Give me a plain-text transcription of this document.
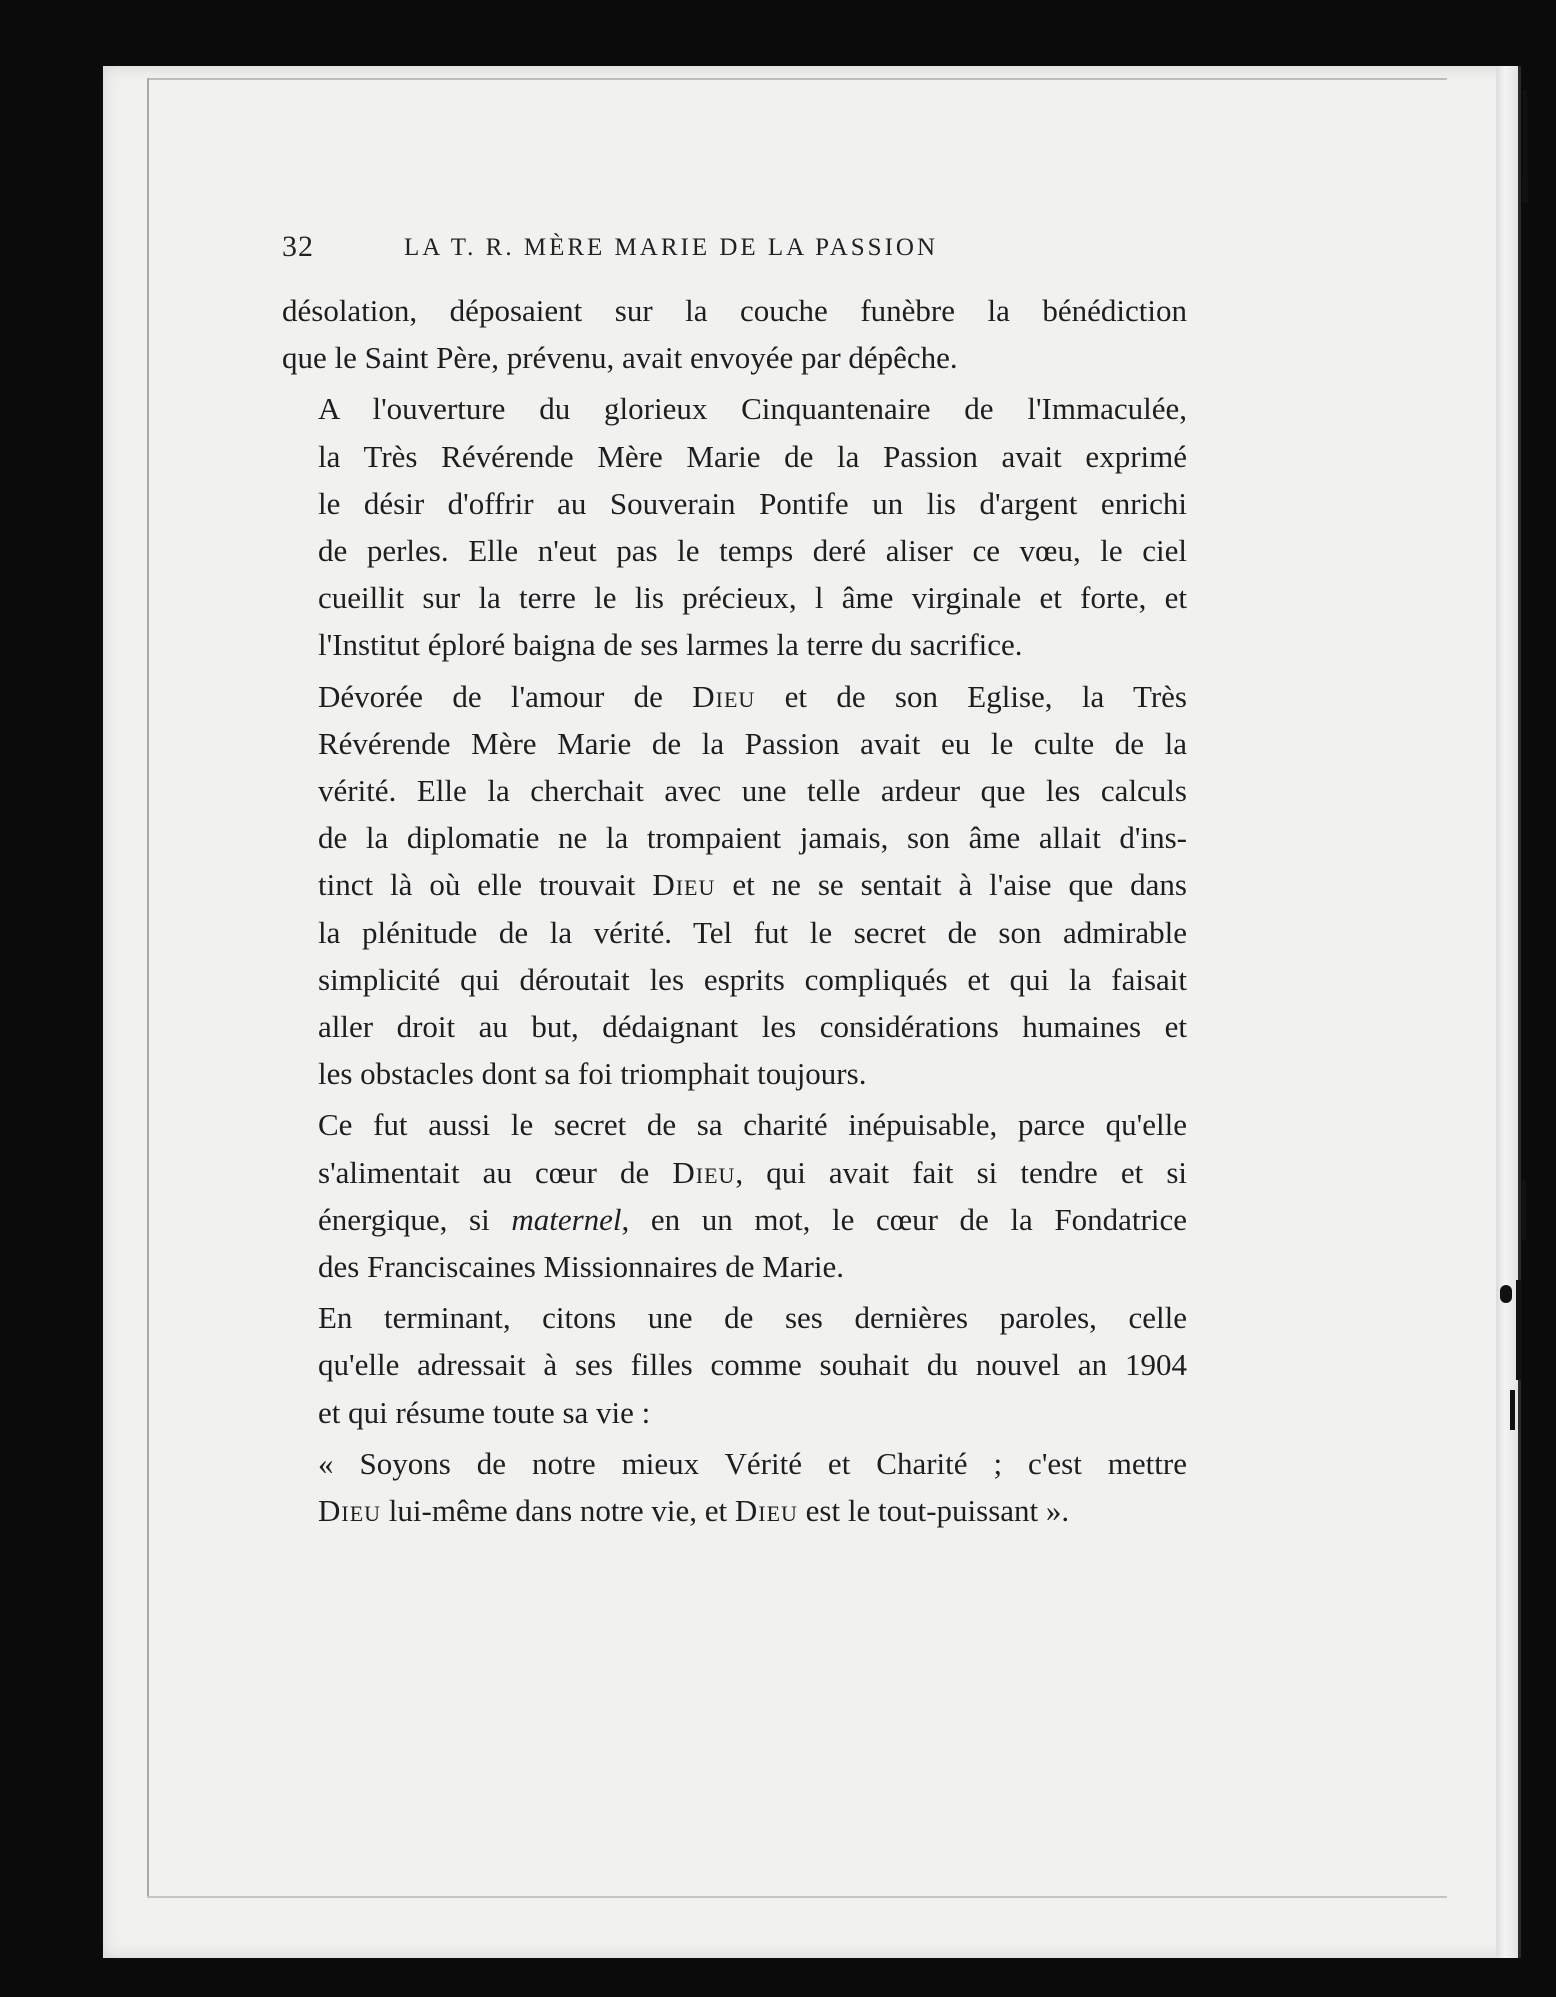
32	LA T. R. MÈRE MARIE DE LA PASSION

désolation, déposaient sur la couche funèbre la bénédiction
que le Saint Père, prévenu, avait envoyée par dépêche.

A l'ouverture du glorieux Cinquantenaire de l'Immaculée,
la Très Révérende Mère Marie de la Passion avait exprimé
le désir d'offrir au Souverain Pontife un lis d'argent enrichi
de perles. Elle n'eut pas le temps deré aliser ce vœu, le ciel
cueillit sur la terre le lis précieux, l âme virginale et forte, et
l'Institut éploré baigna de ses larmes la terre du sacrifice.

Dévorée de l'amour de Dieu et de son Eglise, la Très
Révérende Mère Marie de la Passion avait eu le culte de la
vérité. Elle la cherchait avec une telle ardeur que les calculs
de la diplomatie ne la trompaient jamais, son âme allait d'ins-
tinct là où elle trouvait Dieu et ne se sentait à l'aise que dans
la plénitude de la vérité. Tel fut le secret de son admirable
simplicité qui déroutait les esprits compliqués et qui la faisait
aller droit au but, dédaignant les considérations humaines et
les obstacles dont sa foi triomphait toujours.

Ce fut aussi le secret de sa charité inépuisable, parce qu'elle
s'alimentait au cœur de Dieu, qui avait fait si tendre et si
énergique, si maternel, en un mot, le cœur de la Fondatrice
des Franciscaines Missionnaires de Marie.

En terminant, citons une de ses dernières paroles, celle
qu'elle adressait à ses filles comme souhait du nouvel an 1904
et qui résume toute sa vie :

« Soyons de notre mieux Vérité et Charité ; c'est mettre
Dieu lui-même dans notre vie, et Dieu est le tout-puissant ».
